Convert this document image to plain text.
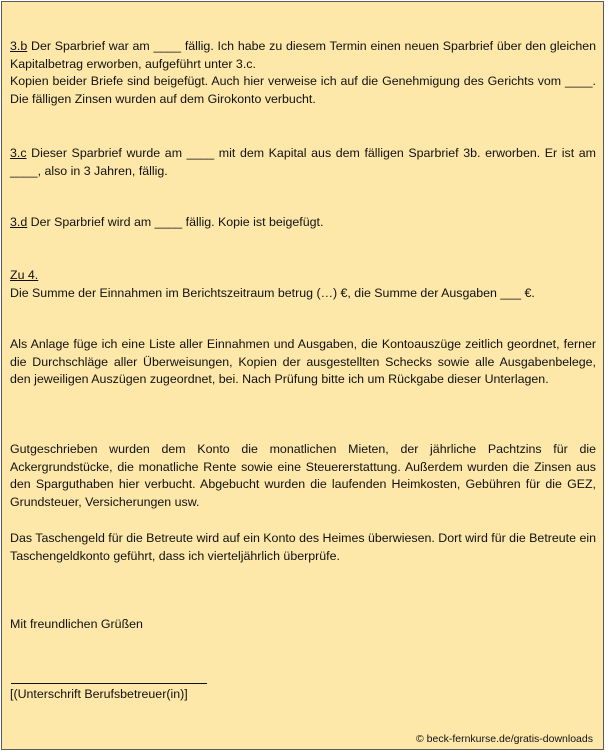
3.b Der Sparbrief war am ____ fällig. Ich habe zu diesem Termin einen neuen Sparbrief über den gleichen Kapitalbetrag erworben, aufgeführt unter 3.c.
Kopien beider Briefe sind beigefügt. Auch hier verweise ich auf die Genehmigung des Gerichts vom ____. Die fälligen Zinsen wurden auf dem Girokonto verbucht.
3.c Dieser Sparbrief wurde am ____ mit dem Kapital aus dem fälligen Sparbrief 3b. erworben. Er ist am ____, also in 3 Jahren, fällig.
3.d Der Sparbrief wird am ____ fällig. Kopie ist beigefügt.
Zu 4.
Die Summe der Einnahmen im Berichtszeitraum betrug (…) €, die Summe der Ausgaben ___ €.
Als Anlage füge ich eine Liste aller Einnahmen und Ausgaben, die Kontoauszüge zeitlich geordnet, ferner die Durchschläge aller Überweisungen, Kopien der ausgestellten Schecks sowie alle Ausgabenbelege, den jeweiligen Auszügen zugeordnet, bei. Nach Prüfung bitte ich um Rückgabe dieser Unterlagen.
Gutgeschrieben wurden dem Konto die monatlichen Mieten, der jährliche Pachtzins für die Ackergrundstücke, die monatliche Rente sowie eine Steuererstattung. Außerdem wurden die Zinsen aus den Sparguthaben hier verbucht. Abgebucht wurden die laufenden Heimkosten, Gebühren für die GEZ, Grundsteuer, Versicherungen usw.
Das Taschengeld für die Betreute wird auf ein Konto des Heimes überwiesen. Dort wird für die Betreute ein Taschengeldkonto geführt, dass ich vierteljährlich überprüfe.
Mit freundlichen Grüßen
[(Unterschrift Berufsbetreuer(in)]
© beck-fernkurse.de/gratis-downloads
